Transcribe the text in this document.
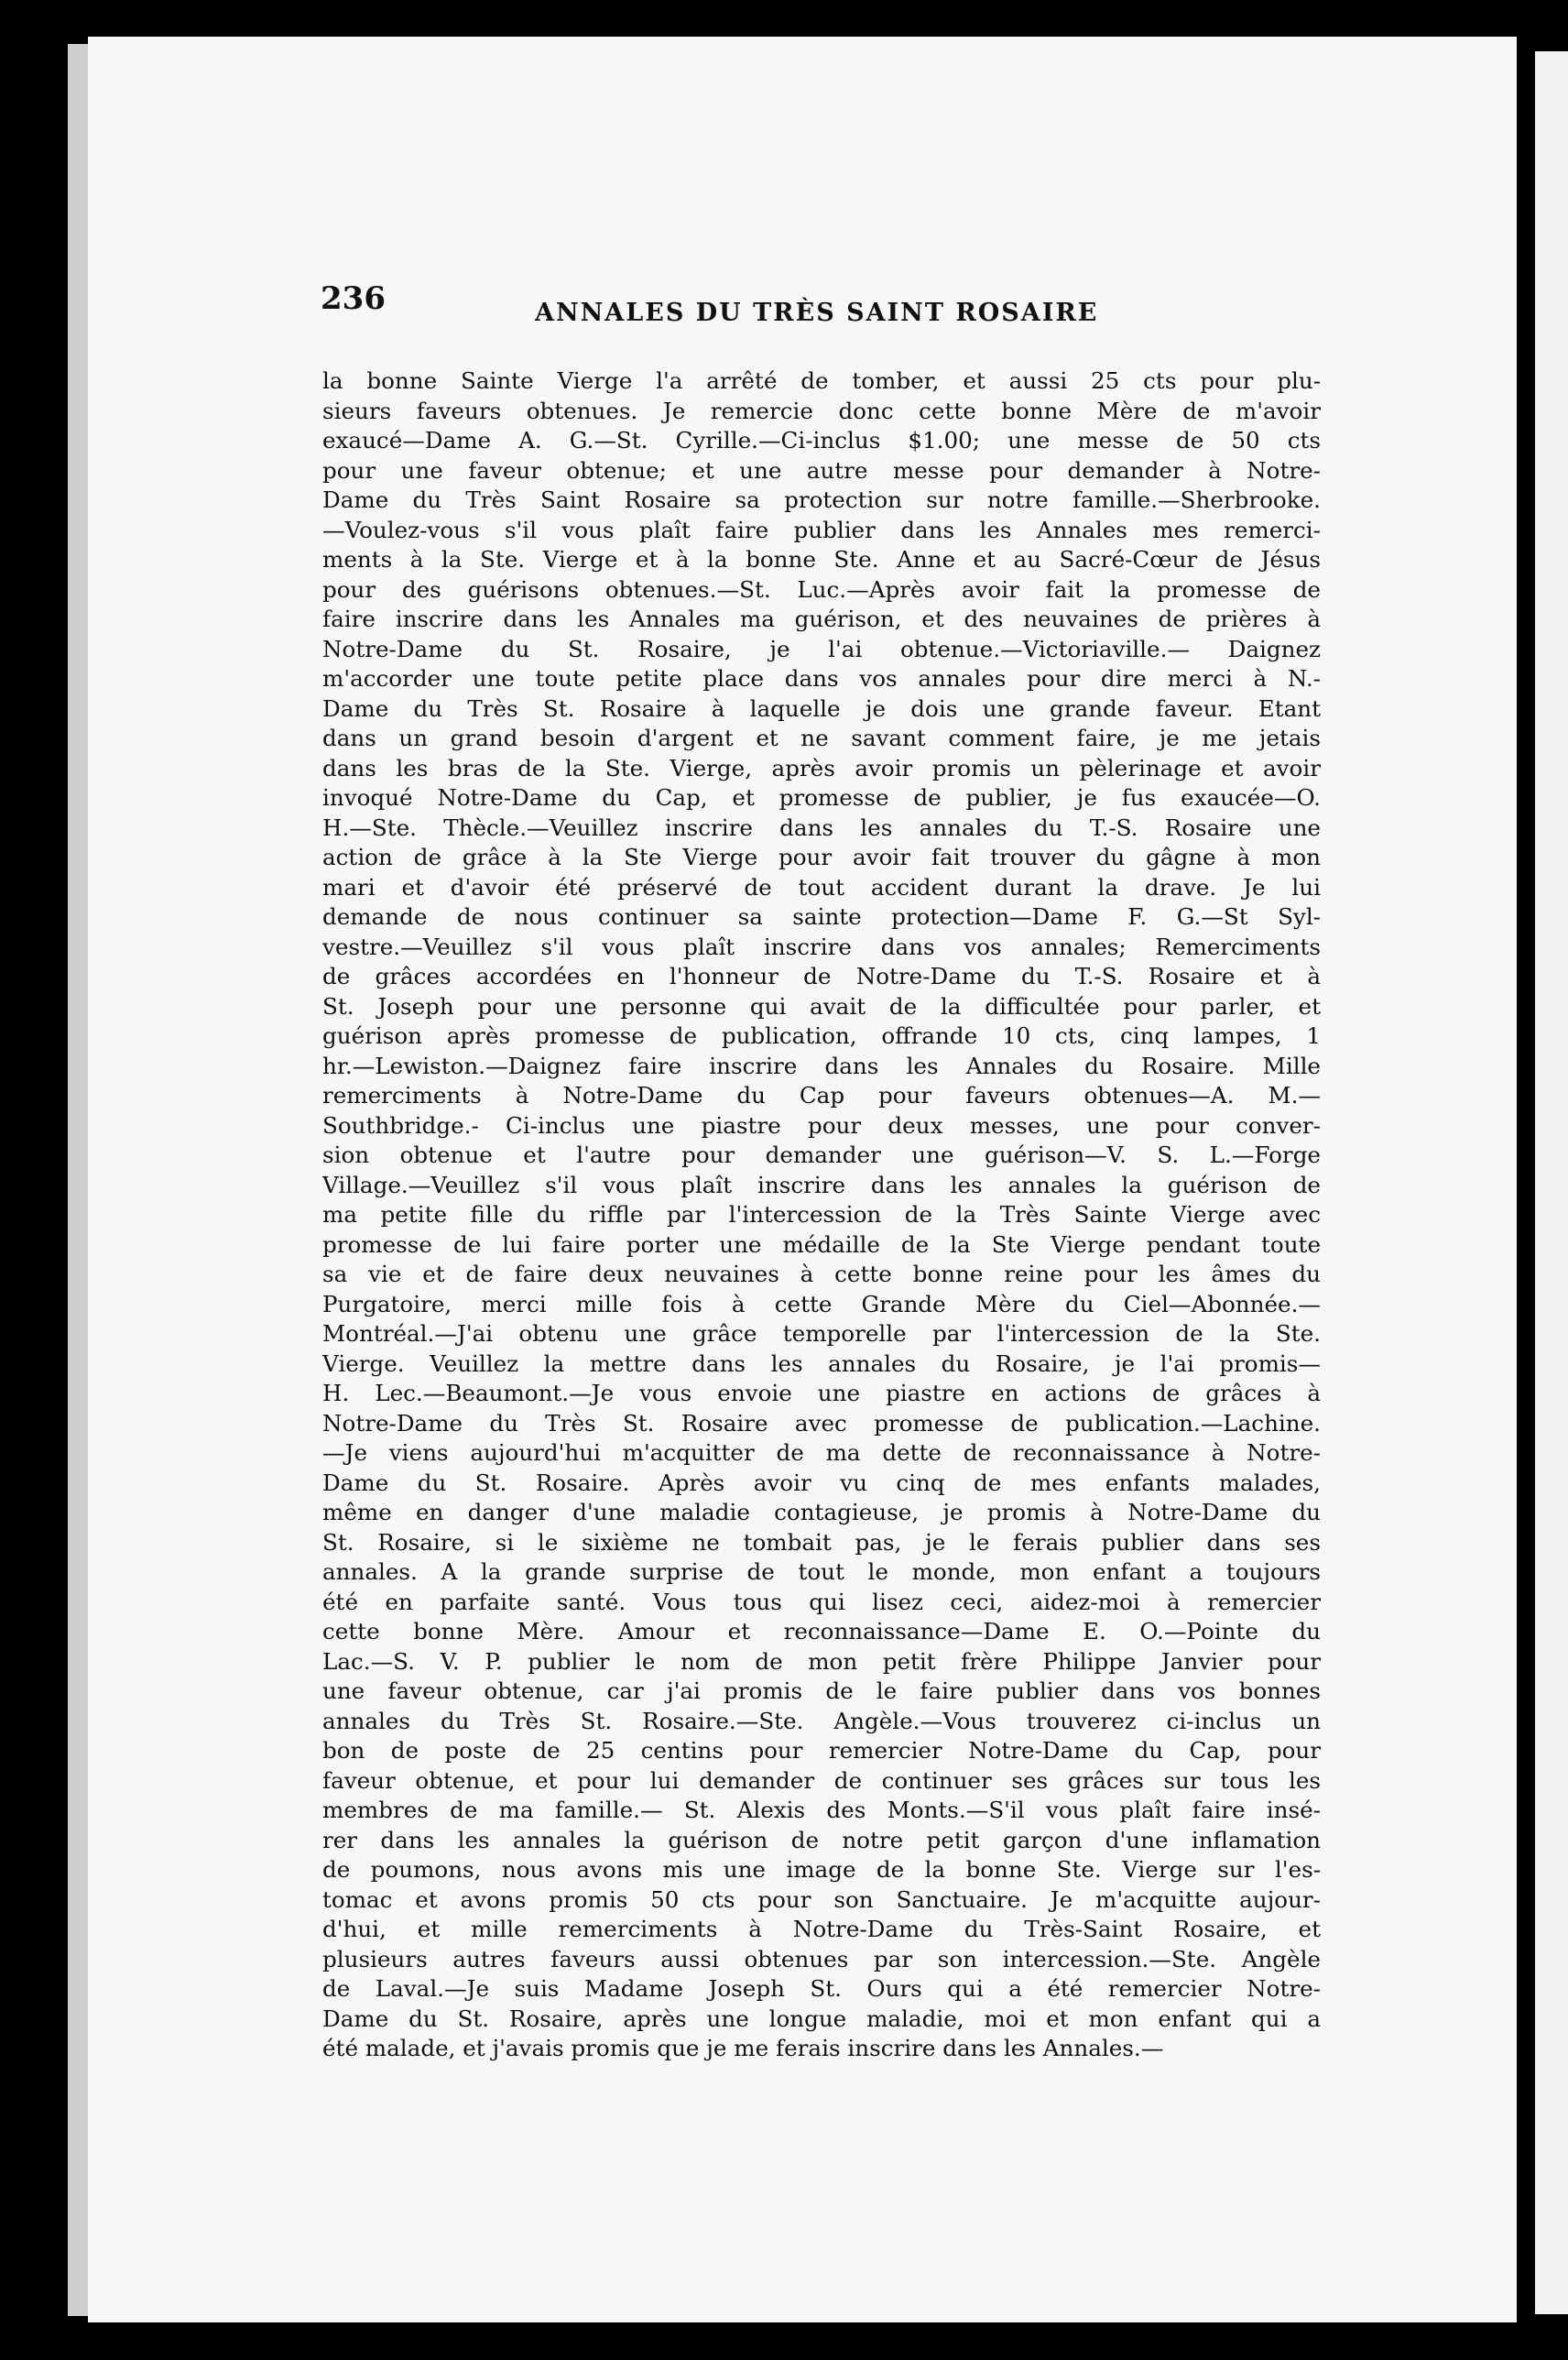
236	ANNALES DU TRÈS SAINT ROSAIRE
la bonne Sainte Vierge l'a arrêté de tomber, et aussi 25 cts pour plu-
sieurs faveurs obtenues. Je remercie donc cette bonne Mère de m'avoir
exaucé—Dame A. G.—St. Cyrille.—Ci-inclus $1.00; une messe de 50 cts
pour une faveur obtenue; et une autre messe pour demander à Notre-
Dame du Très Saint Rosaire sa protection sur notre famille.—Sherbrooke.
—Voulez-vous s'il vous plaît faire publier dans les Annales mes remerci-
ments à la Ste. Vierge et à la bonne Ste. Anne et au Sacré-Cœur de Jésus
pour des guérisons obtenues.—St. Luc.—Après avoir fait la promesse de
faire inscrire dans les Annales ma guérison, et des neuvaines de prières à
Notre-Dame du St. Rosaire, je l'ai obtenue.—Victoriaville.— Daignez
m'accorder une toute petite place dans vos annales pour dire merci à N.-
Dame du Très St. Rosaire à laquelle je dois une grande faveur. Etant
dans un grand besoin d'argent et ne savant comment faire, je me jetais
dans les bras de la Ste. Vierge, après avoir promis un pèlerinage et avoir
invoqué Notre-Dame du Cap, et promesse de publier, je fus exaucée—O.
H.—Ste. Thècle.—Veuillez inscrire dans les annales du T.-S. Rosaire une
action de grâce à la Ste Vierge pour avoir fait trouver du gâgne à mon
mari et d'avoir été préservé de tout accident durant la drave. Je lui
demande de nous continuer sa sainte protection—Dame F. G.—St Syl-
vestre.—Veuillez s'il vous plaît inscrire dans vos annales; Remerciments
de grâces accordées en l'honneur de Notre-Dame du T.-S. Rosaire et à
St. Joseph pour une personne qui avait de la difficultée pour parler, et
guérison après promesse de publication, offrande 10 cts, cinq lampes, 1
hr.—Lewiston.—Daignez faire inscrire dans les Annales du Rosaire. Mille
remerciments à Notre-Dame du Cap pour faveurs obtenues—A. M.—
Southbridge.- Ci-inclus une piastre pour deux messes, une pour conver-
sion obtenue et l'autre pour demander une guérison—V. S. L.—Forge
Village.—Veuillez s'il vous plaît inscrire dans les annales la guérison de
ma petite fille du riffle par l'intercession de la Très Sainte Vierge avec
promesse de lui faire porter une médaille de la Ste Vierge pendant toute
sa vie et de faire deux neuvaines à cette bonne reine pour les âmes du
Purgatoire, merci mille fois à cette Grande Mère du Ciel—Abonnée.—
Montréal.—J'ai obtenu une grâce temporelle par l'intercession de la Ste.
Vierge. Veuillez la mettre dans les annales du Rosaire, je l'ai promis—
H. Lec.—Beaumont.—Je vous envoie une piastre en actions de grâces à
Notre-Dame du Très St. Rosaire avec promesse de publication.—Lachine.
—Je viens aujourd'hui m'acquitter de ma dette de reconnaissance à Notre-
Dame du St. Rosaire. Après avoir vu cinq de mes enfants malades,
même en danger d'une maladie contagieuse, je promis à Notre-Dame du
St. Rosaire, si le sixième ne tombait pas, je le ferais publier dans ses
annales. A la grande surprise de tout le monde, mon enfant a toujours
été en parfaite santé. Vous tous qui lisez ceci, aidez-moi à remercier
cette bonne Mère. Amour et reconnaissance—Dame E. O.—Pointe du
Lac.—S. V. P. publier le nom de mon petit frère Philippe Janvier pour
une faveur obtenue, car j'ai promis de le faire publier dans vos bonnes
annales du Très St. Rosaire.—Ste. Angèle.—Vous trouverez ci-inclus un
bon de poste de 25 centins pour remercier Notre-Dame du Cap, pour
faveur obtenue, et pour lui demander de continuer ses grâces sur tous les
membres de ma famille.— St. Alexis des Monts.—S'il vous plaît faire insé-
rer dans les annales la guérison de notre petit garçon d'une inflamation
de poumons, nous avons mis une image de la bonne Ste. Vierge sur l'es-
tomac et avons promis 50 cts pour son Sanctuaire. Je m'acquitte aujour-
d'hui, et mille remerciments à Notre-Dame du Très-Saint Rosaire, et
plusieurs autres faveurs aussi obtenues par son intercession.—Ste. Angèle
de Laval.—Je suis Madame Joseph St. Ours qui a été remercier Notre-
Dame du St. Rosaire, après une longue maladie, moi et mon enfant qui a
été malade, et j'avais promis que je me ferais inscrire dans les Annales.—
